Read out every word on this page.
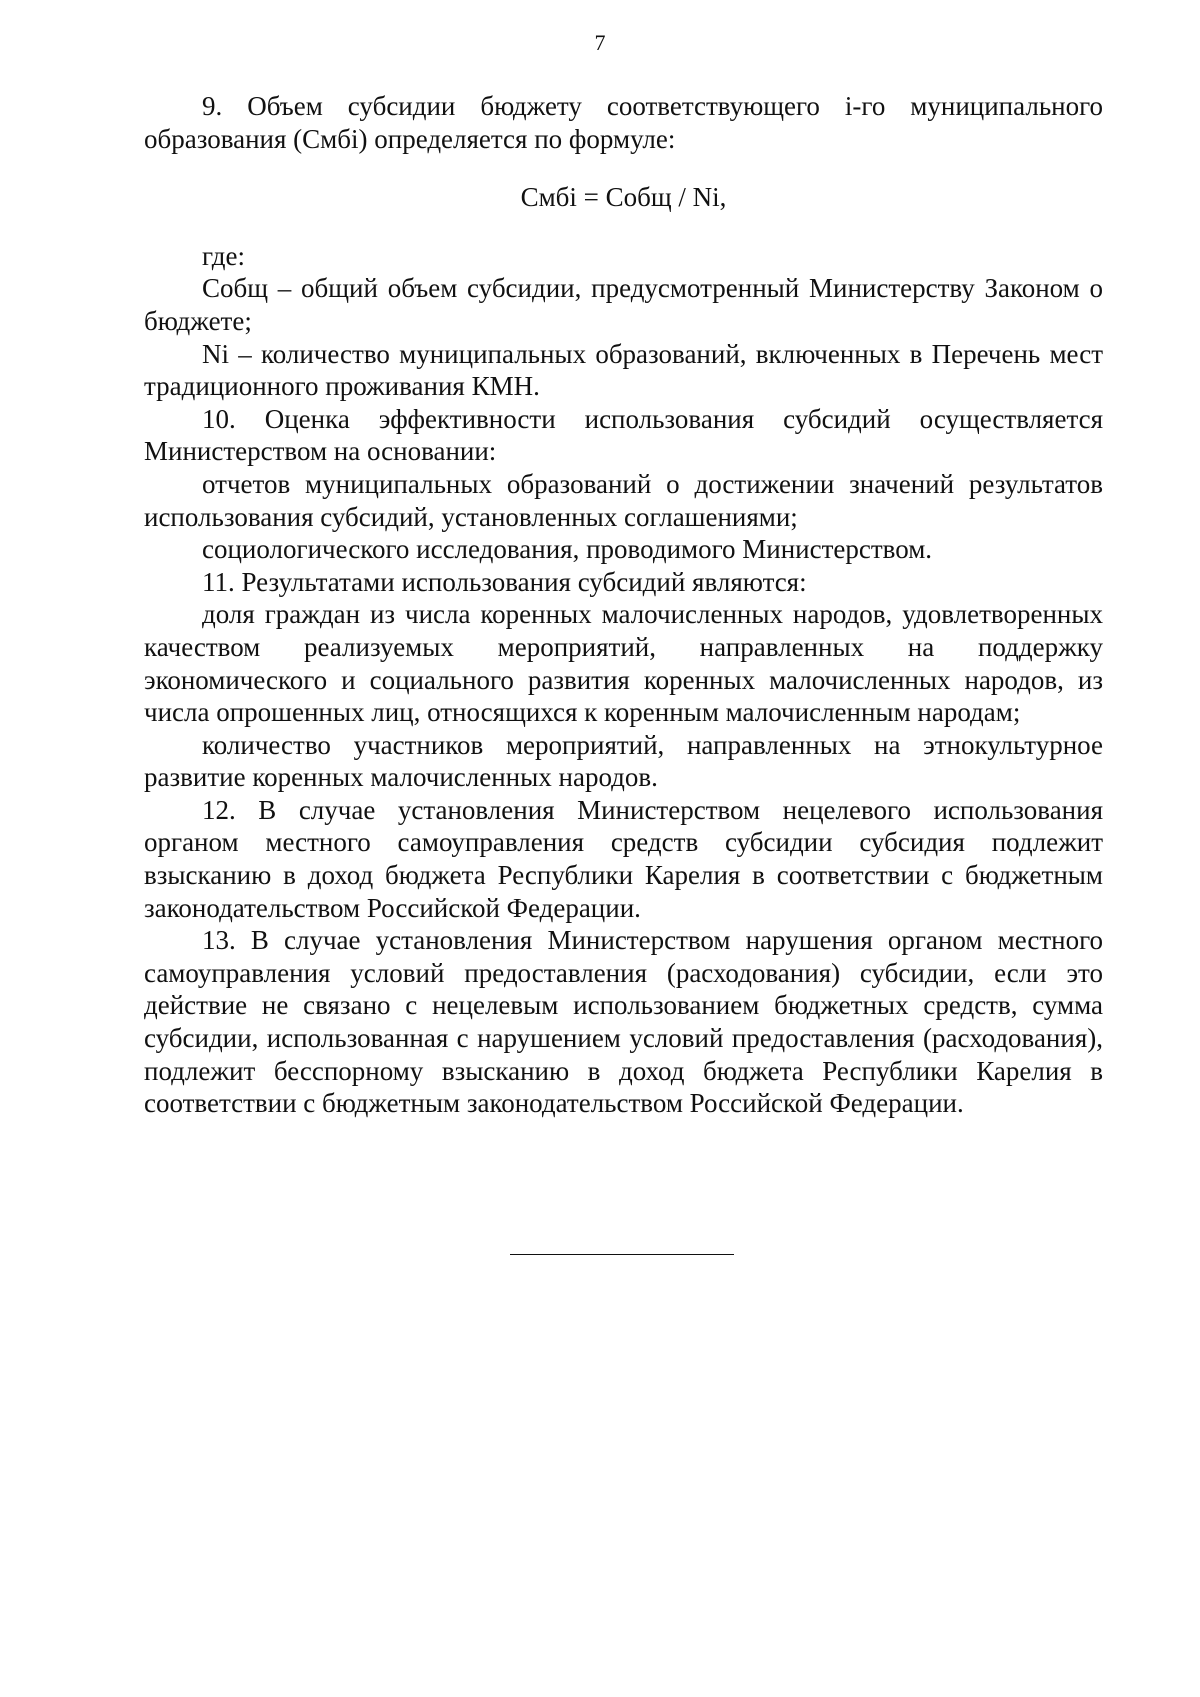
7

9. Объем субсидии бюджету соответствующего i-го муниципального образования (Смбi) определяется по формуле:

Смбi = Собщ / Ni,

где:

Собщ – общий объем субсидии, предусмотренный Министерству Законом о бюджете;

Ni – количество муниципальных образований, включенных в Перечень мест традиционного проживания КМН.

10. Оценка эффективности использования субсидий осуществляется Министерством на основании:

отчетов муниципальных образований о достижении значений результатов использования субсидий, установленных соглашениями;

социологического исследования, проводимого Министерством.

11. Результатами использования субсидий являются:

доля граждан из числа коренных малочисленных народов, удовлетворенных качеством реализуемых мероприятий, направленных на поддержку экономического и социального развития коренных малочисленных народов, из числа опрошенных лиц, относящихся к коренным малочисленным народам;

количество участников мероприятий, направленных на этнокультурное развитие коренных малочисленных народов.

12. В случае установления Министерством нецелевого использования органом местного самоуправления средств субсидии субсидия подлежит взысканию в доход бюджета Республики Карелия в соответствии с бюджетным законодательством Российской Федерации.

13. В случае установления Министерством нарушения органом местного самоуправления условий предоставления (расходования) субсидии, если это действие не связано с нецелевым использованием бюджетных средств, сумма субсидии, использованная с нарушением условий предоставления (расходования), подлежит бесспорному взысканию в доход бюджета Республики Карелия в соответствии с бюджетным законодательством Российской Федерации.
